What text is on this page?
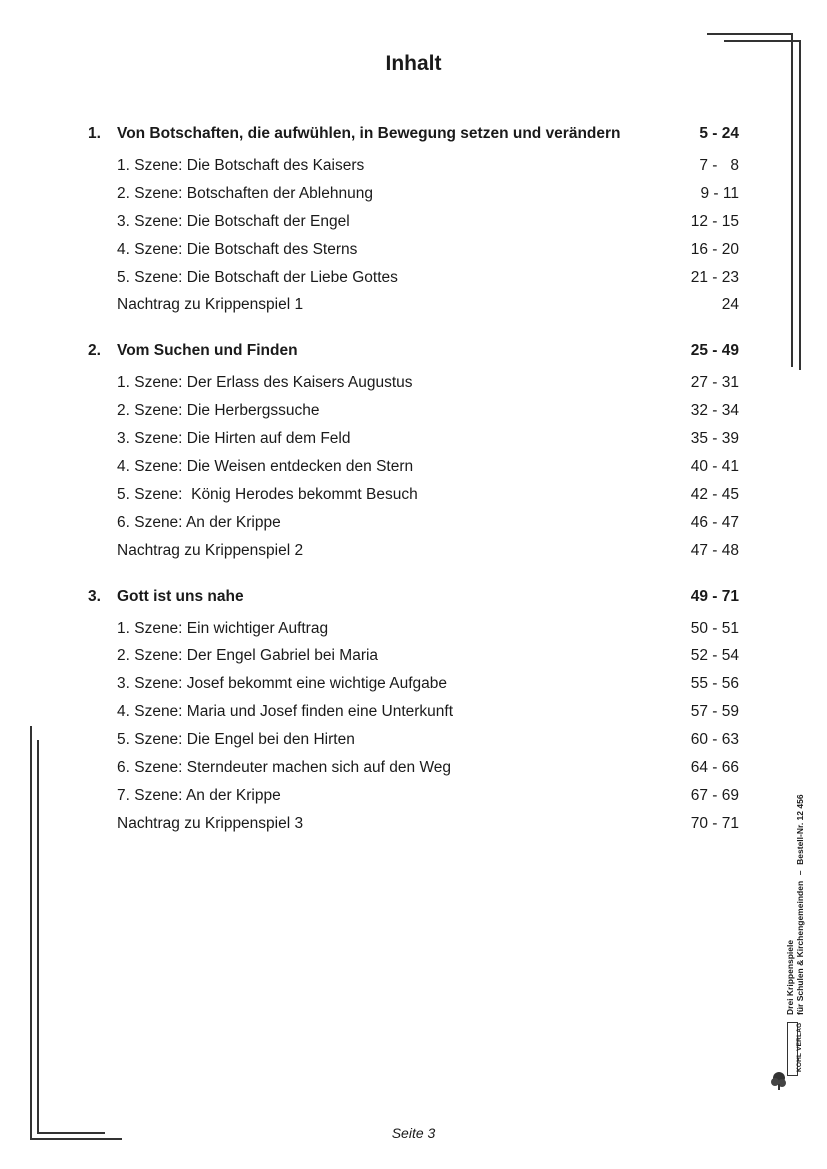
Inhalt
1. Von Botschaften, die aufwühlen, in Bewegung setzen und verändern	5 - 24
1. Szene: Die Botschaft des Kaisers	7 -   8
2. Szene: Botschaften der Ablehnung	9 - 11
3. Szene: Die Botschaft der Engel	12 - 15
4. Szene: Die Botschaft des Sterns	16 - 20
5. Szene: Die Botschaft der Liebe Gottes	21 - 23
Nachtrag zu Krippenspiel 1	24
2. Vom Suchen und Finden	25 - 49
1. Szene: Der Erlass des Kaisers Augustus	27 - 31
2. Szene: Die Herbergssuche	32 - 34
3. Szene: Die Hirten auf dem Feld	35 - 39
4. Szene: Die Weisen entdecken den Stern	40 - 41
5. Szene:  König Herodes bekommt Besuch	42 - 45
6. Szene: An der Krippe	46 - 47
Nachtrag zu Krippenspiel 2	47 - 48
3. Gott ist uns nahe	49 - 71
1. Szene: Ein wichtiger Auftrag	50 - 51
2. Szene: Der Engel Gabriel bei Maria	52 - 54
3. Szene: Josef bekommt eine wichtige Aufgabe	55 - 56
4. Szene: Maria und Josef finden eine Unterkunft	57 - 59
5. Szene: Die Engel bei den Hirten	60 - 63
6. Szene: Sterndeuter machen sich auf den Weg	64 - 66
7. Szene: An der Krippe	67 - 69
Nachtrag zu Krippenspiel 3	70 - 71
Seite 3
Drei Krippenspiele für Schulen & Kirchengemeinden–Bestell-Nr. 12 456
KOHL VERLAG
